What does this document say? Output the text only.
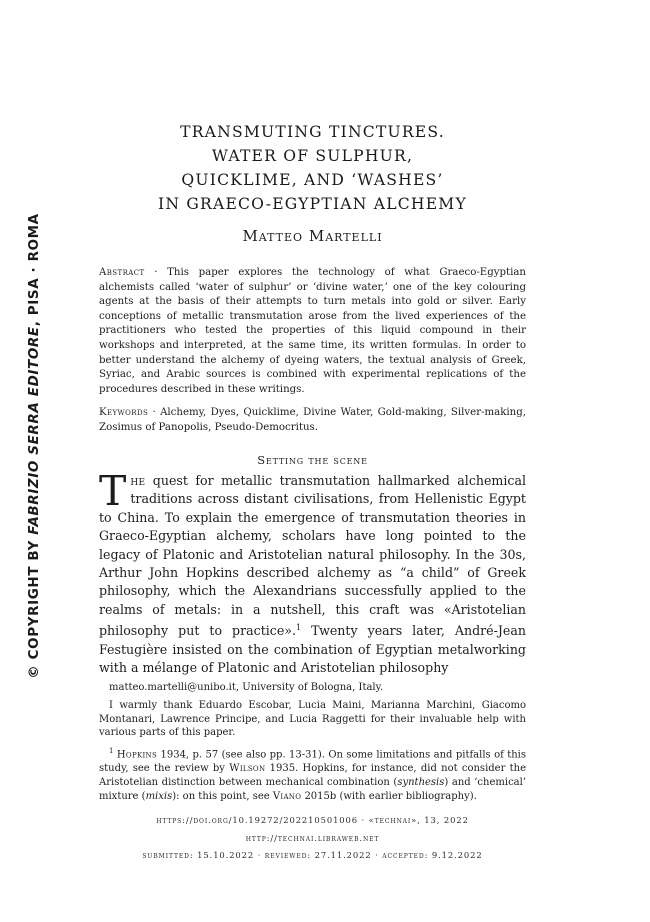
© COPYRIGHT BY FABRIZIO SERRA EDITORE, PISA · ROMA
TRANSMUTING TINCTURES.
WATER OF SULPHUR,
QUICKLIME, AND ‘WASHES’
IN GRAECO-EGYPTIAN ALCHEMY
Matteo Martelli
Abstract · This paper explores the technology of what Graeco-Egyptian alchemists called ‘water of sulphur’ or ‘divine water,’ one of the key colouring agents at the basis of their attempts to turn metals into gold or silver. Early conceptions of metallic transmutation arose from the lived experiences of the practitioners who tested the properties of this liquid compound in their workshops and interpreted, at the same time, its written formulas. In order to better understand the alchemy of dyeing waters, the textual analysis of Greek, Syriac, and Arabic sources is combined with experimental replications of the procedures described in these writings.
Keywords · Alchemy, Dyes, Quicklime, Divine Water, Gold-making, Silver-making, Zosimus of Panopolis, Pseudo-Democritus.
Setting the scene
The quest for metallic transmutation hallmarked alchemical traditions across distant civilisations, from Hellenistic Egypt to China. To explain the emergence of transmutation theories in Graeco-Egyptian alchemy, scholars have long pointed to the legacy of Platonic and Aristotelian natural philosophy. In the 30s, Arthur John Hopkins described alchemy as “a child” of Greek philosophy, which the Alexandrians successfully applied to the realms of metals: in a nutshell, this craft was «Aristotelian philosophy put to practice».$^1$ Twenty years later, André-Jean Festugière insisted on the combination of Egyptian metalworking with a mélange of Platonic and Aristotelian philosophy

matteo.martelli@unibo.it, University of Bologna, Italy.

I warmly thank Eduardo Escobar, Lucia Maini, Marianna Marchini, Giacomo Montanari, Lawrence Principe, and Lucia Raggetti for their invaluable help with various parts of this paper.

$^1$ Hopkins 1934, p. 57 (see also pp. 13-31). On some limitations and pitfalls of this study, see the review by Wilson 1935. Hopkins, for instance, did not consider the Aristotelian distinction between mechanical combination (synthesis) and ‘chemical’ mixture (mixis): on this point, see Viano 2015b (with earlier bibliography).

https://doi.org/10.19272/202210501006 · «technai», 13, 2022
http://technai.libraweb.net
submitted: 15.10.2022 · reviewed: 27.11.2022 · accepted: 9.12.2022
